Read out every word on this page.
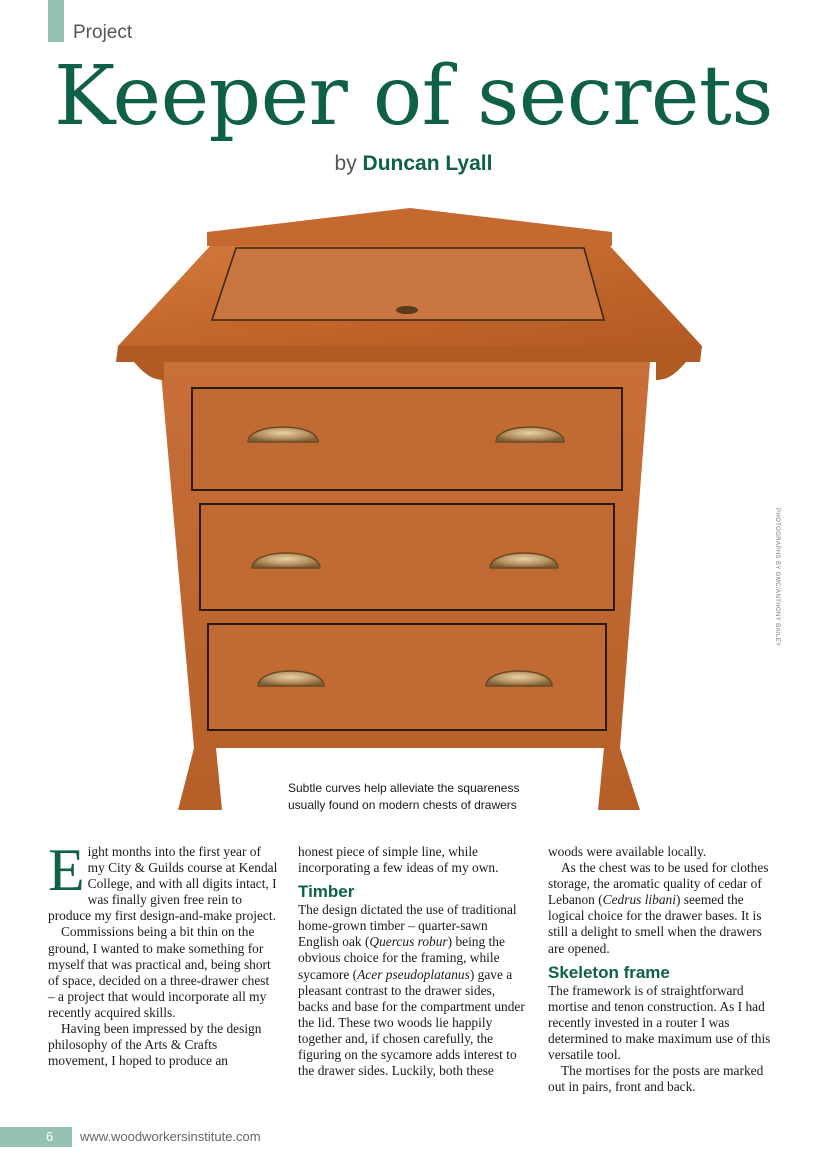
Project
Keeper of secrets
by Duncan Lyall
Subtle curves help alleviate the squareness usually found on modern chests of drawers
PHOTOGRAPHS BY GMC/ANTHONY BAILEY
E ight months into the first year of my City & Guilds course at Kendal College, and with all digits intact, I was finally given free rein to produce my first design-and-make project.

Commissions being a bit thin on the ground, I wanted to make something for myself that was practical and, being short of space, decided on a three-drawer chest – a project that would incorporate all my recently acquired skills.

Having been impressed by the design philosophy of the Arts & Crafts movement, I hoped to produce an

honest piece of simple line, while incorporating a few ideas of my own.

Timber

The design dictated the use of traditional home-grown timber – quarter-sawn English oak (Quercus robur) being the obvious choice for the framing, while sycamore (Acer pseudoplatanus) gave a pleasant contrast to the drawer sides, backs and base for the compartment under the lid. These two woods lie happily together and, if chosen carefully, the figuring on the sycamore adds interest to the drawer sides. Luckily, both these

woods were available locally.

As the chest was to be used for clothes storage, the aromatic quality of cedar of Lebanon (Cedrus libani) seemed the logical choice for the drawer bases. It is still a delight to smell when the drawers are opened.

Skeleton frame

The framework is of straightforward mortise and tenon construction. As I had recently invested in a router I was determined to make maximum use of this versatile tool.

The mortises for the posts are marked out in pairs, front and back.

6 www.woodworkersinstitute.com
